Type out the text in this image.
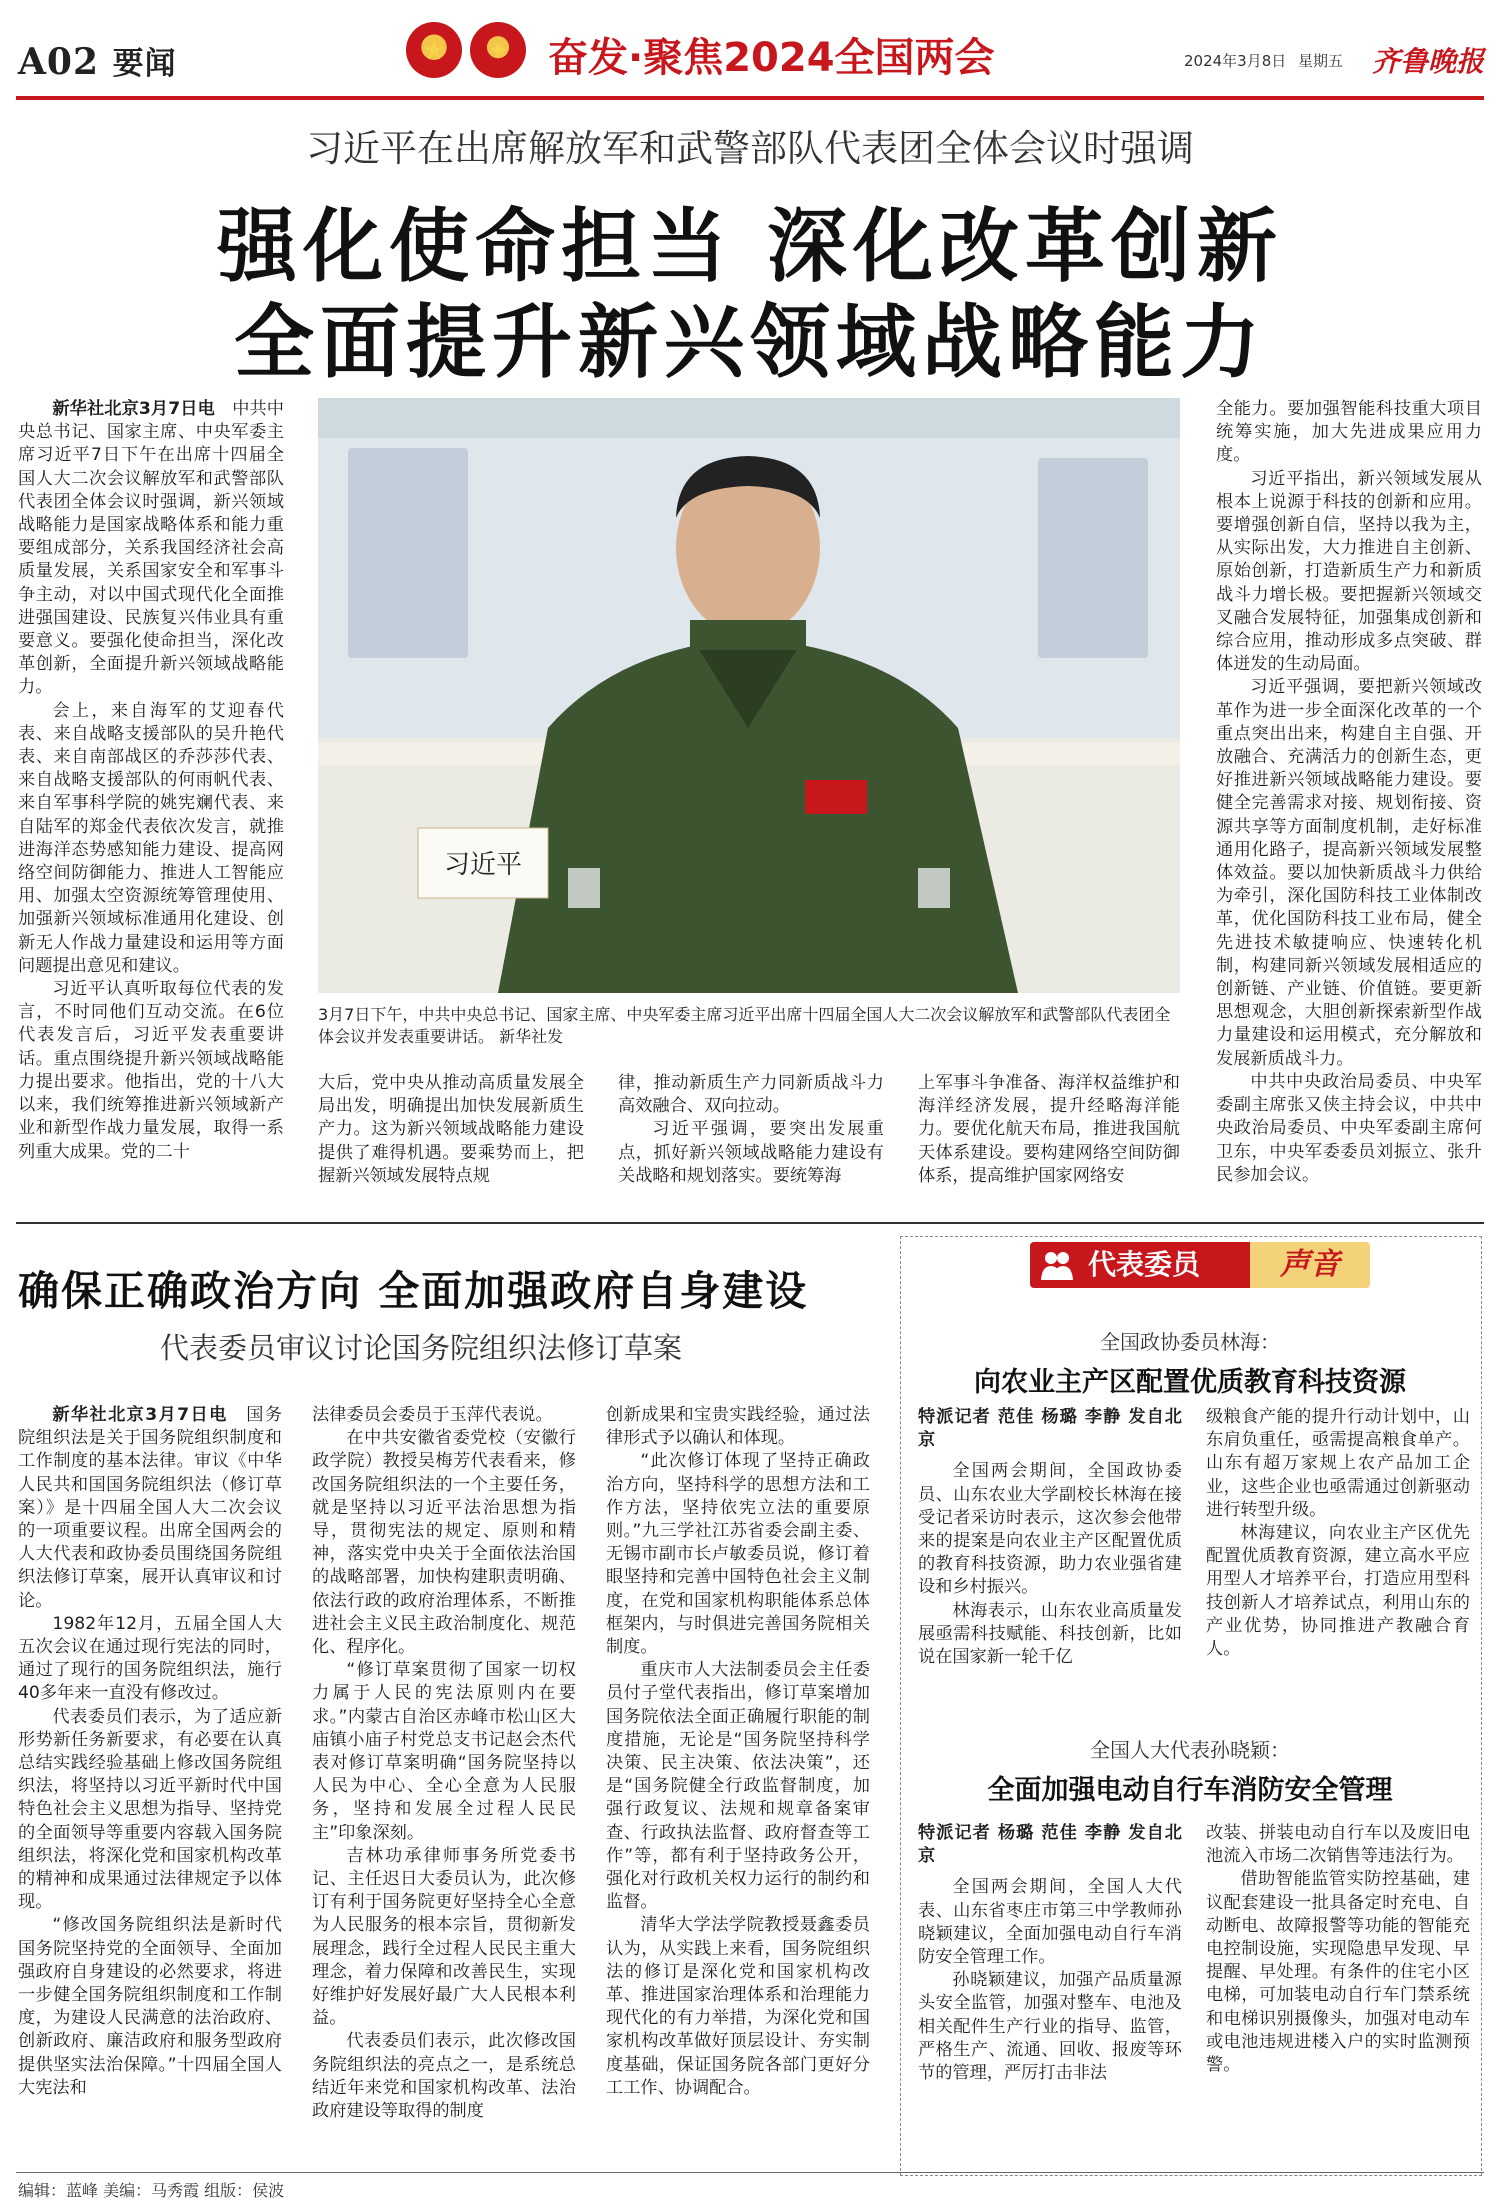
A02 要闻	★	✦ 奋发·聚焦2024全国两会	2024年3月8日 星期五 齐鲁晚报
习近平在出席解放军和武警部队代表团全体会议时强调
强化使命担当 深化改革创新
全面提升新兴领域战略能力

新华社北京3月7日电　 中共中央总书记、国家主席、中央军委主席习近平7日下午在出席十四届全国人大二次会议解放军和武警部队代表团全体会议时强调，新兴领域战略能力是国家战略体系和能力重要组成部分，关系我国经济社会高质量发展，关系国家安全和军事斗争主动，对以中国式现代化全面推进强国建设、民族复兴伟业具有重要意义。要强化使命担当，深化改革创新，全面提升新兴领域战略能力。

会上，来自海军的艾迎春代表、来自战略支援部队的吴升艳代表、来自南部战区的乔莎莎代表、来自战略支援部队的何雨帆代表、来自军事科学院的姚宪斓代表、来自陆军的郑金代表依次发言，就推进海洋态势感知能力建设、提高网络空间防御能力、推进人工智能应用、加强太空资源统筹管理使用、加强新兴领域标准通用化建设、创新无人作战力量建设和运用等方面问题提出意见和建议。

习近平认真听取每位代表的发言，不时同他们互动交流。在6位代表发言后，习近平发表重要讲话。重点围绕提升新兴领域战略能力提出要求。他指出，党的十八大以来，我们统筹推进新兴领域新产业和新型作战力量发展，取得一系列重大成果。党的二十

习近平
3月7日下午，中共中央总书记、国家主席、中央军委主席习近平出席十四届全国人大二次会议解放军和武警部队代表团全体会议并发表重要讲话。 新华社发

大后，党中央从推动高质量发展全局出发，明确提出加快发展新质生产力。这为新兴领域战略能力建设提供了难得机遇。要乘势而上，把握新兴领域发展特点规

律，推动新质生产力同新质战斗力高效融合、双向拉动。

习近平强调，要突出发展重点，抓好新兴领域战略能力建设有关战略和规划落实。要统筹海

上军事斗争准备、海洋权益维护和海洋经济发展，提升经略海洋能力。要优化航天布局，推进我国航天体系建设。要构建网络空间防御体系，提高维护国家网络安

全能力。要加强智能科技重大项目统筹实施，加大先进成果应用力度。

习近平指出，新兴领域发展从根本上说源于科技的创新和应用。要增强创新自信，坚持以我为主，从实际出发，大力推进自主创新、原始创新，打造新质生产力和新质战斗力增长极。要把握新兴领域交叉融合发展特征，加强集成创新和综合应用，推动形成多点突破、群体迸发的生动局面。

习近平强调，要把新兴领域改革作为进一步全面深化改革的一个重点突出出来，构建自主自强、开放融合、充满活力的创新生态，更好推进新兴领域战略能力建设。要健全完善需求对接、规划衔接、资源共享等方面制度机制，走好标准通用化路子，提高新兴领域发展整体效益。要以加快新质战斗力供给为牵引，深化国防科技工业体制改革，优化国防科技工业布局，健全先进技术敏捷响应、快速转化机制，构建同新兴领域发展相适应的创新链、产业链、价值链。要更新思想观念，大胆创新探索新型作战力量建设和运用模式，充分解放和发展新质战斗力。

中共中央政治局委员、中央军委副主席张又侠主持会议，中共中央政治局委员、中央军委副主席何卫东，中央军委委员刘振立、张升民参加会议。

确保正确政治方向 全面加强政府自身建设
代表委员审议讨论国务院组织法修订草案

新华社北京3月7日电　 国务院组织法是关于国务院组织制度和工作制度的基本法律。审议《中华人民共和国国务院组织法（修订草案）》是十四届全国人大二次会议的一项重要议程。出席全国两会的人大代表和政协委员围绕国务院组织法修订草案，展开认真审议和讨论。

1982年12月，五届全国人大五次会议在通过现行宪法的同时，通过了现行的国务院组织法，施行40多年来一直没有修改过。

代表委员们表示，为了适应新形势新任务新要求，有必要在认真总结实践经验基础上修改国务院组织法，将坚持以习近平新时代中国特色社会主义思想为指导、坚持党的全面领导等重要内容载入国务院组织法，将深化党和国家机构改革的精神和成果通过法律规定予以体现。

“修改国务院组织法是新时代国务院坚持党的全面领导、全面加强政府自身建设的必然要求，将进一步健全国务院组织制度和工作制度，为建设人民满意的法治政府、创新政府、廉洁政府和服务型政府提供坚实法治保障。”十四届全国人大宪法和

法律委员会委员于玉萍代表说。

在中共安徽省委党校（安徽行政学院）教授吴梅芳代表看来，修改国务院组织法的一个主要任务，就是坚持以习近平法治思想为指导，贯彻宪法的规定、原则和精神，落实党中央关于全面依法治国的战略部署，加快构建职责明确、依法行政的政府治理体系，不断推进社会主义民主政治制度化、规范化、程序化。

“修订草案贯彻了国家一切权力属于人民的宪法原则内在要求。”内蒙古自治区赤峰市松山区大庙镇小庙子村党总支书记赵会杰代表对修订草案明确“国务院坚持以人民为中心、全心全意为人民服务，坚持和发展全过程人民民主”印象深刻。

吉林功承律师事务所党委书记、主任迟日大委员认为，此次修订有利于国务院更好坚持全心全意为人民服务的根本宗旨，贯彻新发展理念，践行全过程人民民主重大理念，着力保障和改善民生，实现好维护好发展好最广大人民根本利益。

代表委员们表示，此次修改国务院组织法的亮点之一，是系统总结近年来党和国家机构改革、法治政府建设等取得的制度

创新成果和宝贵实践经验，通过法律形式予以确认和体现。

“此次修订体现了坚持正确政治方向，坚持科学的思想方法和工作方法，坚持依宪立法的重要原则。”九三学社江苏省委会副主委、无锡市副市长卢敏委员说，修订着眼坚持和完善中国特色社会主义制度，在党和国家机构职能体系总体框架内，与时俱进完善国务院相关制度。

重庆市人大法制委员会主任委员付子堂代表指出，修订草案增加国务院依法全面正确履行职能的制度措施，无论是“国务院坚持科学决策、民主决策、依法决策”，还是“国务院健全行政监督制度，加强行政复议、法规和规章备案审查、行政执法监督、政府督查等工作”等，都有利于坚持政务公开，强化对行政机关权力运行的制约和监督。

清华大学法学院教授聂鑫委员认为，从实践上来看，国务院组织法的修订是深化党和国家机构改革、推进国家治理体系和治理能力现代化的有力举措，为深化党和国家机构改革做好顶层设计、夯实制度基础，保证国务院各部门更好分工工作、协调配合。

代表委员	声音
全国政协委员林海：
向农业主产区配置优质教育科技资源

特派记者 范佳 杨璐 李静 发自北京

全国两会期间，全国政协委员、山东农业大学副校长林海在接受记者采访时表示，这次参会他带来的提案是向农业主产区配置优质的教育科技资源，助力农业强省建设和乡村振兴。

林海表示，山东农业高质量发展亟需科技赋能、科技创新，比如说在国家新一轮千亿

级粮食产能的提升行动计划中，山东肩负重任，亟需提高粮食单产。山东有超万家规上农产品加工企业，这些企业也亟需通过创新驱动进行转型升级。

林海建议，向农业主产区优先配置优质教育资源，建立高水平应用型人才培养平台，打造应用型科技创新人才培养试点，利用山东的产业优势，协同推进产教融合育人。

全国人大代表孙晓颖：
全面加强电动自行车消防安全管理

特派记者 杨璐 范佳 李静 发自北京

全国两会期间，全国人大代表、山东省枣庄市第三中学教师孙晓颖建议，全面加强电动自行车消防安全管理工作。

孙晓颖建议，加强产品质量源头安全监管，加强对整车、电池及相关配件生产行业的指导、监管，严格生产、流通、回收、报废等环节的管理，严厉打击非法

改装、拼装电动自行车以及废旧电池流入市场二次销售等违法行为。

借助智能监管实防控基础，建议配套建设一批具备定时充电、自动断电、故障报警等功能的智能充电控制设施，实现隐患早发现、早提醒、早处理。有条件的住宅小区电梯，可加装电动自行车门禁系统和电梯识别摄像头，加强对电动车或电池违规进楼入户的实时监测预警。

编辑：蓝峰 美编：马秀霞 组版：侯波
